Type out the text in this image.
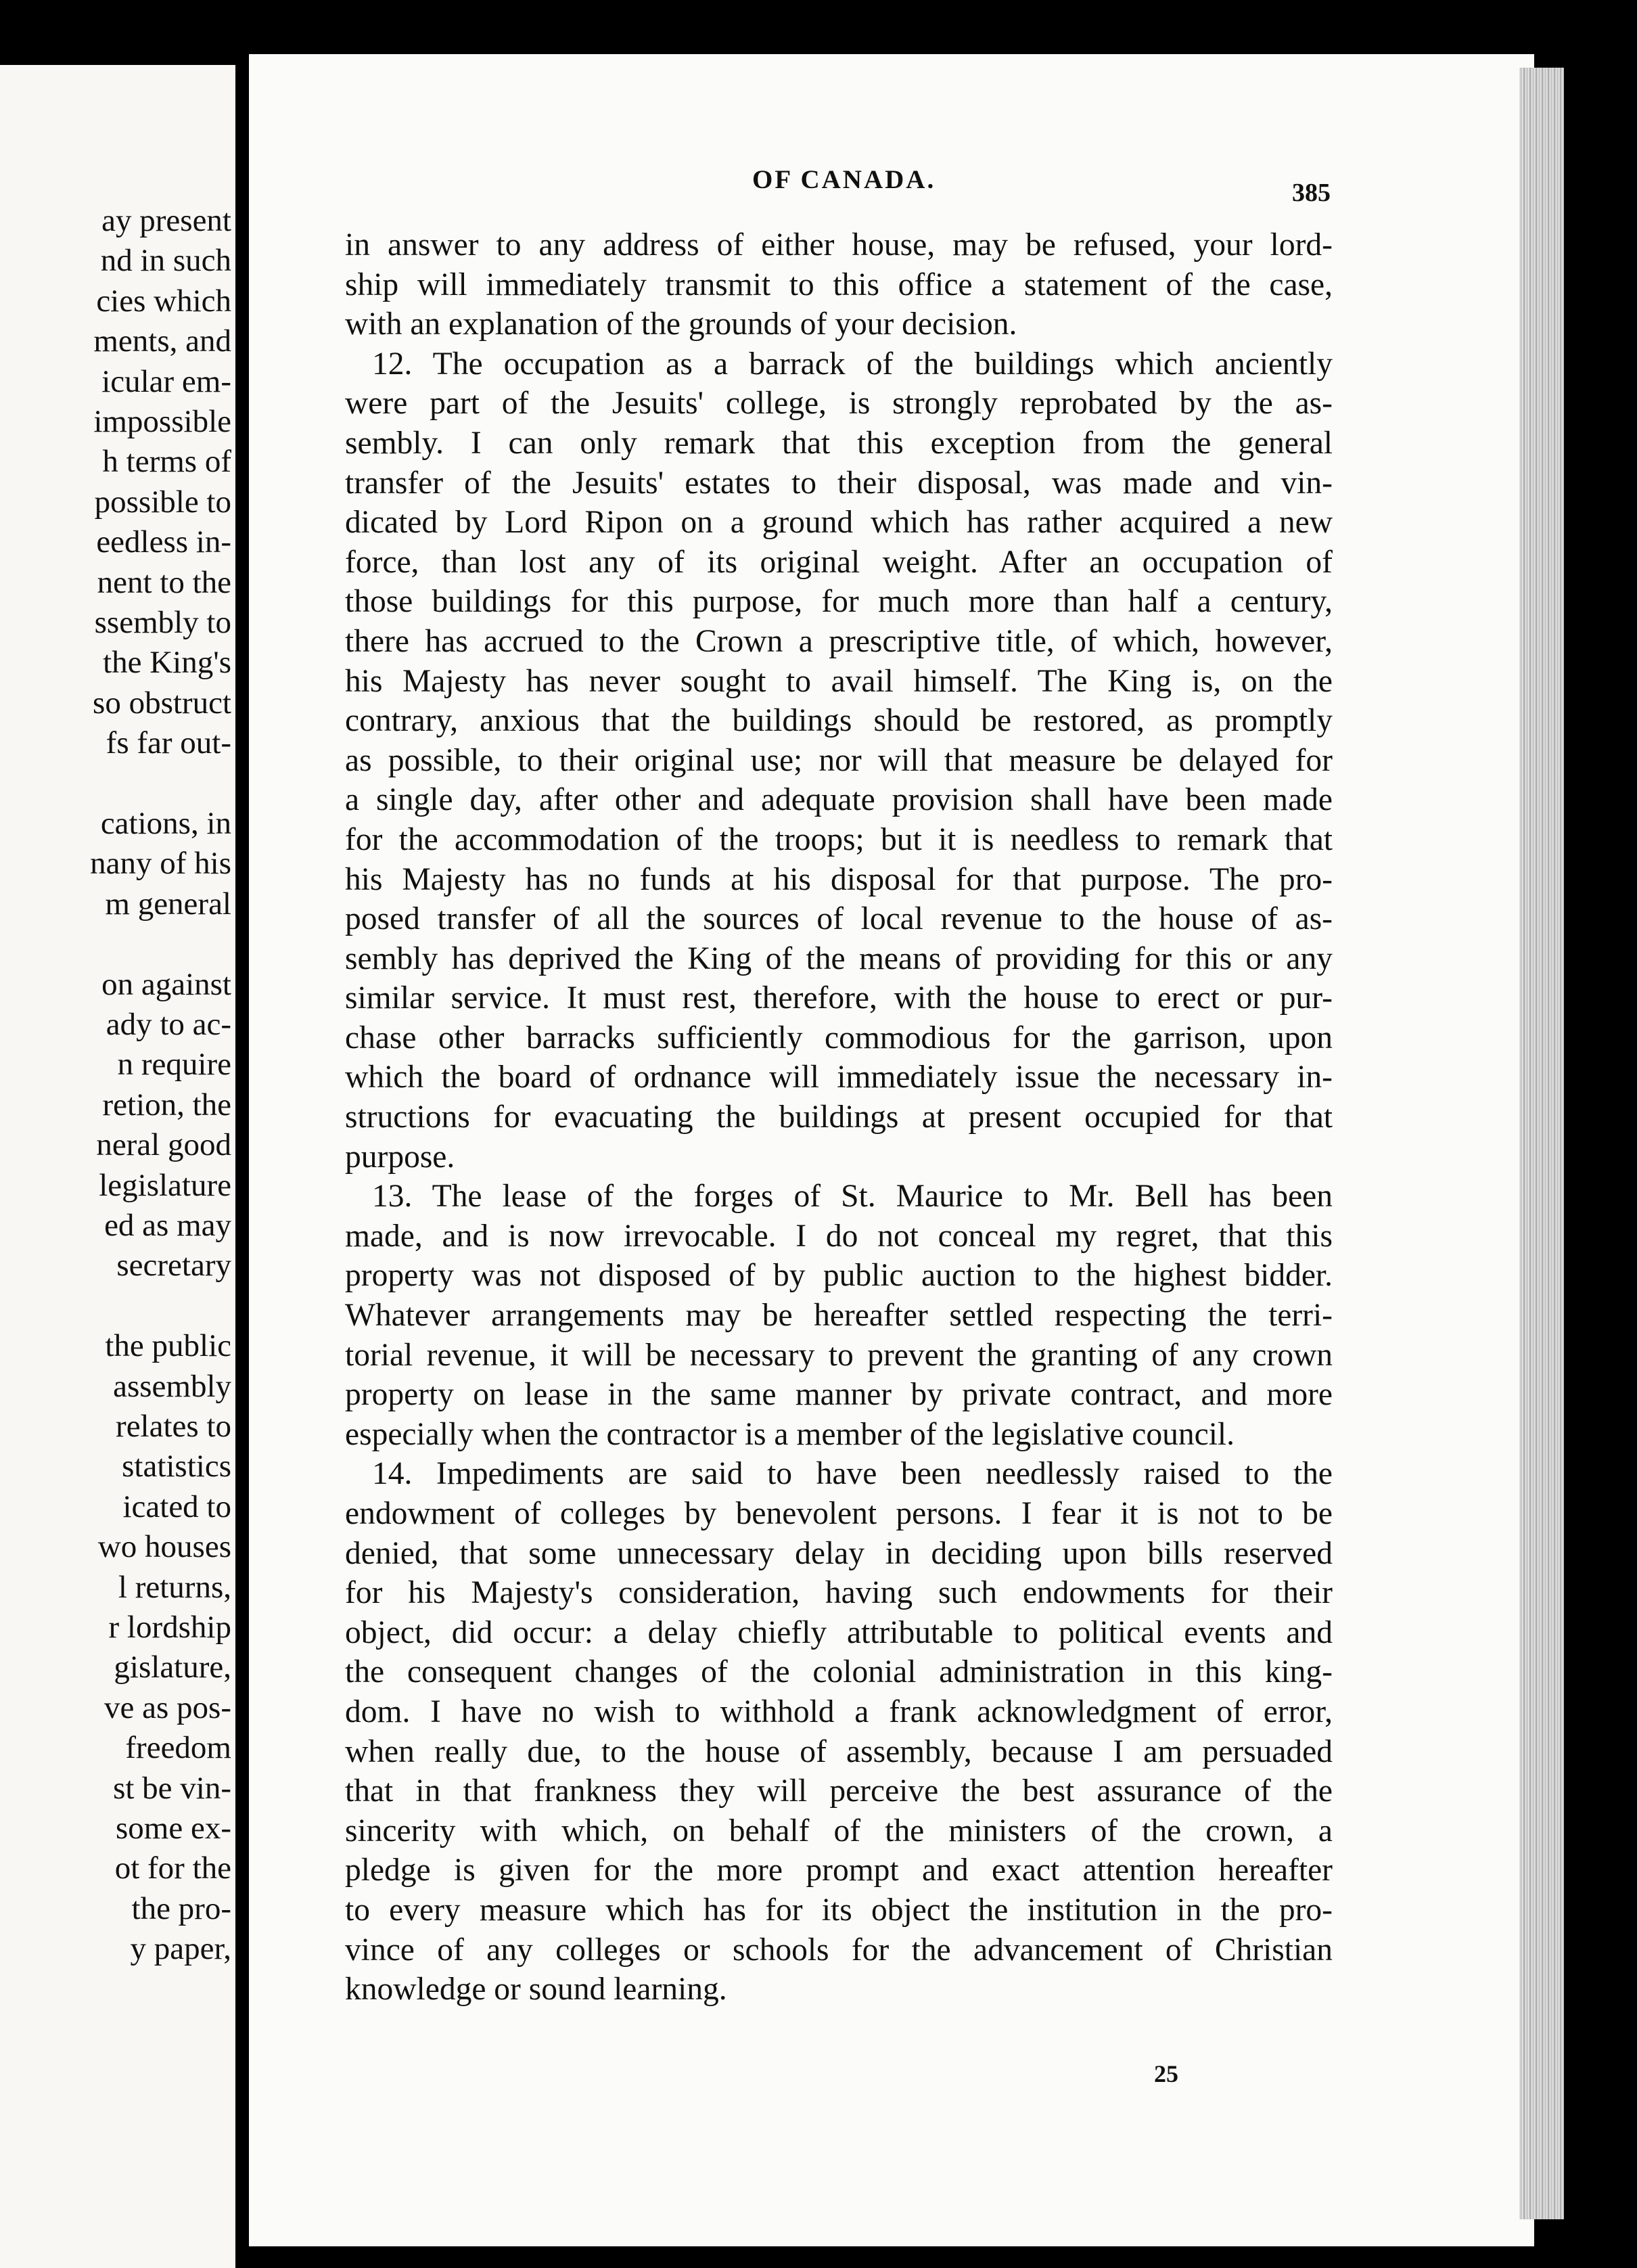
ay present
nd in such
cies which
ments, and
icular em-
impossible
h terms of
possible to
eedless in-
nent to the
ssembly to
the King's
so obstruct
fs far out-
cations, in
nany of his
m general
on against
ady to ac-
n require
retion, the
neral good
legislature
ed as may
secretary
the public
assembly
relates to
statistics
icated to
wo houses
l returns,
r lordship
gislature,
ve as pos-
freedom
st be vin-
some ex-
ot for the
the pro-
y paper,
OF CANADA.	385
in answer to any address of either house, may be refused, your lord-
ship will immediately transmit to this office a statement of the case,
with an explanation of the grounds of your decision.
12. The occupation as a barrack of the buildings which anciently
were part of the Jesuits' college, is strongly reprobated by the as-
sembly. I can only remark that this exception from the general
transfer of the Jesuits' estates to their disposal, was made and vin-
dicated by Lord Ripon on a ground which has rather acquired a new
force, than lost any of its original weight. After an occupation of
those buildings for this purpose, for much more than half a century,
there has accrued to the Crown a prescriptive title, of which, however,
his Majesty has never sought to avail himself. The King is, on the
contrary, anxious that the buildings should be restored, as promptly
as possible, to their original use; nor will that measure be delayed for
a single day, after other and adequate provision shall have been made
for the accommodation of the troops; but it is needless to remark that
his Majesty has no funds at his disposal for that purpose. The pro-
posed transfer of all the sources of local revenue to the house of as-
sembly has deprived the King of the means of providing for this or any
similar service. It must rest, therefore, with the house to erect or pur-
chase other barracks sufficiently commodious for the garrison, upon
which the board of ordnance will immediately issue the necessary in-
structions for evacuating the buildings at present occupied for that
purpose.
13. The lease of the forges of St. Maurice to Mr. Bell has been
made, and is now irrevocable. I do not conceal my regret, that this
property was not disposed of by public auction to the highest bidder.
Whatever arrangements may be hereafter settled respecting the terri-
torial revenue, it will be necessary to prevent the granting of any crown
property on lease in the same manner by private contract, and more
especially when the contractor is a member of the legislative council.
14. Impediments are said to have been needlessly raised to the
endowment of colleges by benevolent persons. I fear it is not to be
denied, that some unnecessary delay in deciding upon bills reserved
for his Majesty's consideration, having such endowments for their
object, did occur: a delay chiefly attributable to political events and
the consequent changes of the colonial administration in this king-
dom. I have no wish to withhold a frank acknowledgment of error,
when really due, to the house of assembly, because I am persuaded
that in that frankness they will perceive the best assurance of the
sincerity with which, on behalf of the ministers of the crown, a
pledge is given for the more prompt and exact attention hereafter
to every measure which has for its object the institution in the pro-
vince of any colleges or schools for the advancement of Christian
knowledge or sound learning.
25
